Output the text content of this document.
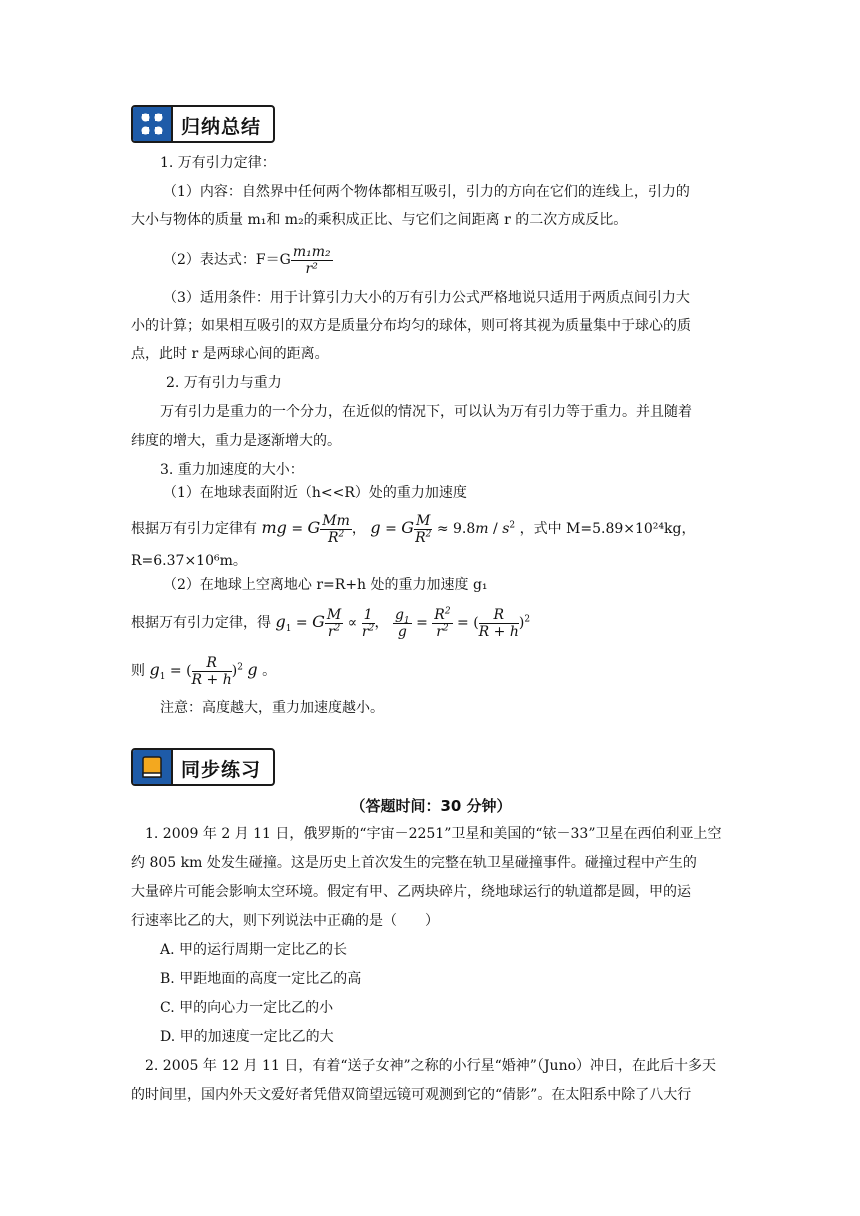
归纳总结
1. 万有引力定律：
（1）内容：自然界中任何两个物体都相互吸引，引力的方向在它们的连线上，引力的
大小与物体的质量 m₁和 m₂的乘积成正比、与它们之间距离 r 的二次方成反比。
（2）表达式：$F=G \frac{\text{m₁m₂}}{\text{r²}}$
（3）适用条件：用于计算引力大小的万有引力公式严格地说只适用于两质点间引力大
小的计算；如果相互吸引的双方是质量分布均匀的球体，则可将其视为质量集中于球心的质
点，此时 r 是两球心间的距离。
2. 万有引力与重力
万有引力是重力的一个分力，在近似的情况下，可以认为万有引力等于重力。并且随着
纬度的增大，重力是逐渐增大的。
3. 重力加速度的大小：
（1）在地球表面附近（h<<R）处的重力加速度
根据万有引力定律有 mg = G $\frac{Mm}{R^2}$ ， g = G $\frac{M}{R^2} \approx 9.8m / s^2$ ，式中 M=5.89×10²⁴kg，
R=6.37×10⁶m。
（2）在地球上空离地心 r=R+h 处的重力加速度 g₁
根据万有引力定律，得 $g_1 = G \frac{M}{r^2} \propto \frac{1}{r^2}$ ， $\frac{g_1}{g} = \frac{R^2}{r^2}$ = ( $\frac{R}{R + h} )^2$
则 $g_1$ = ( $\frac{R}{R + h} )^2$ g 。
注意：高度越大，重力加速度越小。
同步练习
（答题时间：30 分钟）
1. 2009 年 2 月 11 日，俄罗斯的“宇宙－2251”卫星和美国的“铱－33”卫星在西伯利亚上空
约 805 km 处发生碰撞。这是历史上首次发生的完整在轨卫星碰撞事件。碰撞过程中产生的
大量碎片可能会影响太空环境。假定有甲、乙两块碎片，绕地球运行的轨道都是圆，甲的运
行速率比乙的大，则下列说法中正确的是（　　）
A. 甲的运行周期一定比乙的长
B. 甲距地面的高度一定比乙的高
C. 甲的向心力一定比乙的小
D. 甲的加速度一定比乙的大
2. 2005 年 12 月 11 日，有着“送子女神”之称的小行星“婚神”（Juno）冲日，在此后十多天
的时间里，国内外天文爱好者凭借双筒望远镜可观测到它的“倩影”。在太阳系中除了八大行
